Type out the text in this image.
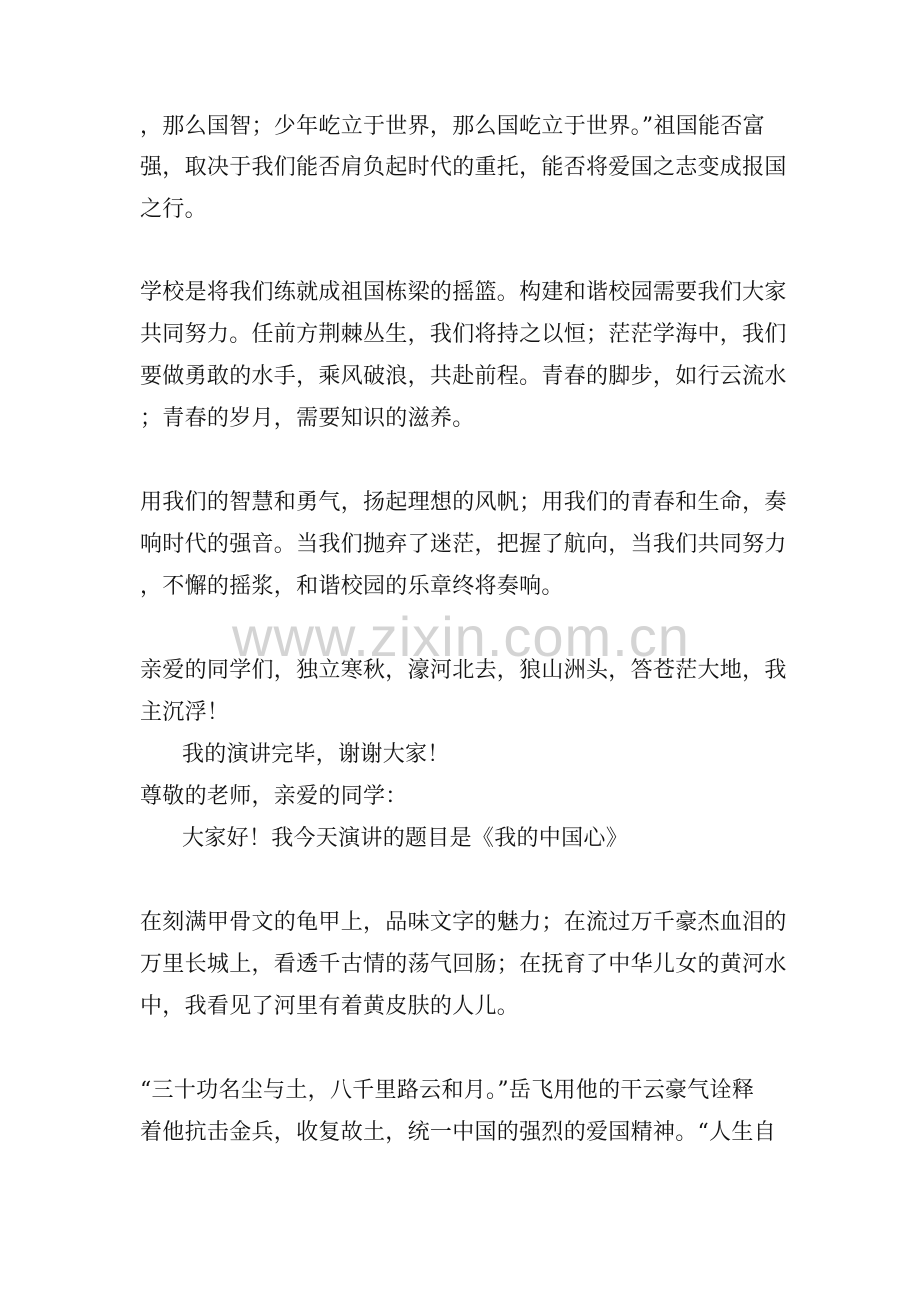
www.zixin.com.cn
，那么国智；少年屹立于世界，那么国屹立于世界。”祖国能否富
强，取决于我们能否肩负起时代的重托，能否将爱国之志变成报国
之行。
学校是将我们练就成祖国栋梁的摇篮。构建和谐校园需要我们大家
共同努力。任前方荆棘丛生，我们将持之以恒；茫茫学海中，我们
要做勇敢的水手，乘风破浪，共赴前程。青春的脚步，如行云流水
；青春的岁月，需要知识的滋养。
用我们的智慧和勇气，扬起理想的风帆；用我们的青春和生命，奏
响时代的强音。当我们抛弃了迷茫，把握了航向，当我们共同努力
，不懈的摇浆，和谐校园的乐章终将奏响。
亲爱的同学们，独立寒秋，濠河北去，狼山洲头，答苍茫大地，我
主沉浮！
我的演讲完毕，谢谢大家！
尊敬的老师，亲爱的同学：
大家好！我今天演讲的题目是《我的中国心》
在刻满甲骨文的龟甲上，品味文字的魅力；在流过万千豪杰血泪的
万里长城上，看透千古情的荡气回肠；在抚育了中华儿女的黄河水
中，我看见了河里有着黄皮肤的人儿。
“三十功名尘与土，八千里路云和月。”岳飞用他的干云豪气诠释
着他抗击金兵，收复故土，统一中国的强烈的爱国精神。“人生自
